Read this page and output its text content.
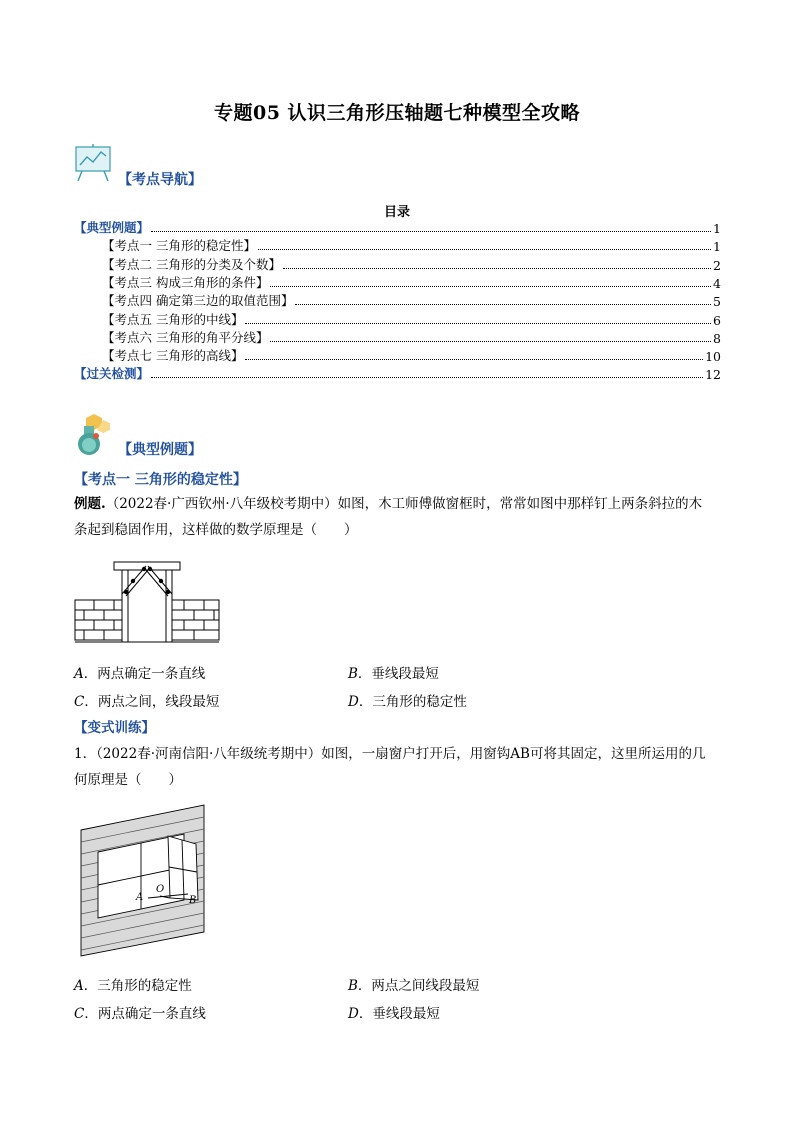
专题05 认识三角形压轴题七种模型全攻略
【考点导航】
目录
【典型例题】	1
【考点一 三角形的稳定性】	1
【考点二 三角形的分类及个数】	2
【考点三 构成三角形的条件】	4
【考点四 确定第三边的取值范围】	5
【考点五 三角形的中线】	6
【考点六 三角形的角平分线】	8
【考点七 三角形的高线】	10
【过关检测】	12
【典型例题】
【考点一 三角形的稳定性】
例题.（2022春·广西钦州·八年级校考期中）如图，木工师傅做窗框时，常常如图中那样钉上两条斜拉的木
条起到稳固作用，这样做的数学原理是（　　）
A．两点确定一条直线	B．垂线段最短
C．两点之间，线段最短	D．三角形的稳定性
【变式训练】
1．（2022春·河南信阳·八年级统考期中）如图，一扇窗户打开后，用窗钩AB可将其固定，这里所运用的几
何原理是（　　）
A
O
B
A．三角形的稳定性	B．两点之间线段最短
C．两点确定一条直线	D．垂线段最短
